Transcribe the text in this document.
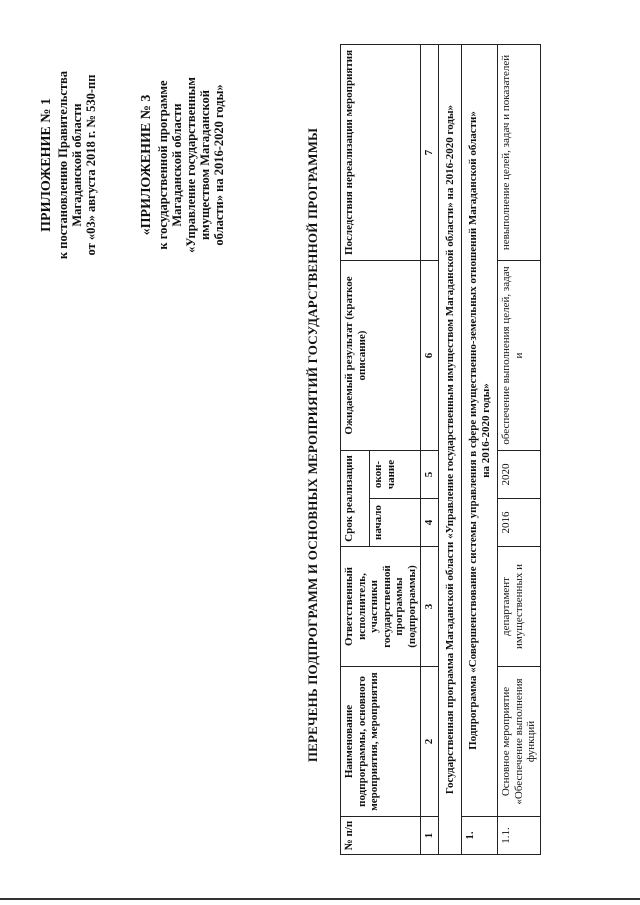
ПРИЛОЖЕНИЕ № 1 к постановлению Правительства Магаданской области от «03» августа 2018 г. № 530-пп	«ПРИЛОЖЕНИЕ № 3 к государственной программе Магаданской области «Управление государственным имуществом Магаданской области» на 2016-2020 годы»	ПЕРЕЧЕНЬ ПОДПРОГРАММ И ОСНОВНЫХ МЕРОПРИЯТИЙ ГОСУДАРСТВЕННОЙ ПРОГРАММЫ
№ п/п	Наименование подпрограммы, основного мероприятия, мероприятия	Ответственный исполнитель, участники государственной программы (подпрограммы)	Срок реализации		Ожидаемый результат (краткое описание)	Последствия нереализации мероприятия
			начало	окон-чание		
1	2	3	4	5	6	7
Государственная программа Магаданской области «Управление государственным имуществом Магаданской области» на 2016-2020 годы»						
1.	Подпрограмма «Совершенствование системы управления в сфере имущественно-земельных отношений Магаданской области» на 2016-2020 годы»					
1.1.	Основное мероприятие «Обеспечение выполнения функций	департамент имущественных и	2016	2020	обеспечение выполнения целей, задач и	невыполнение целей, задач и показателей
